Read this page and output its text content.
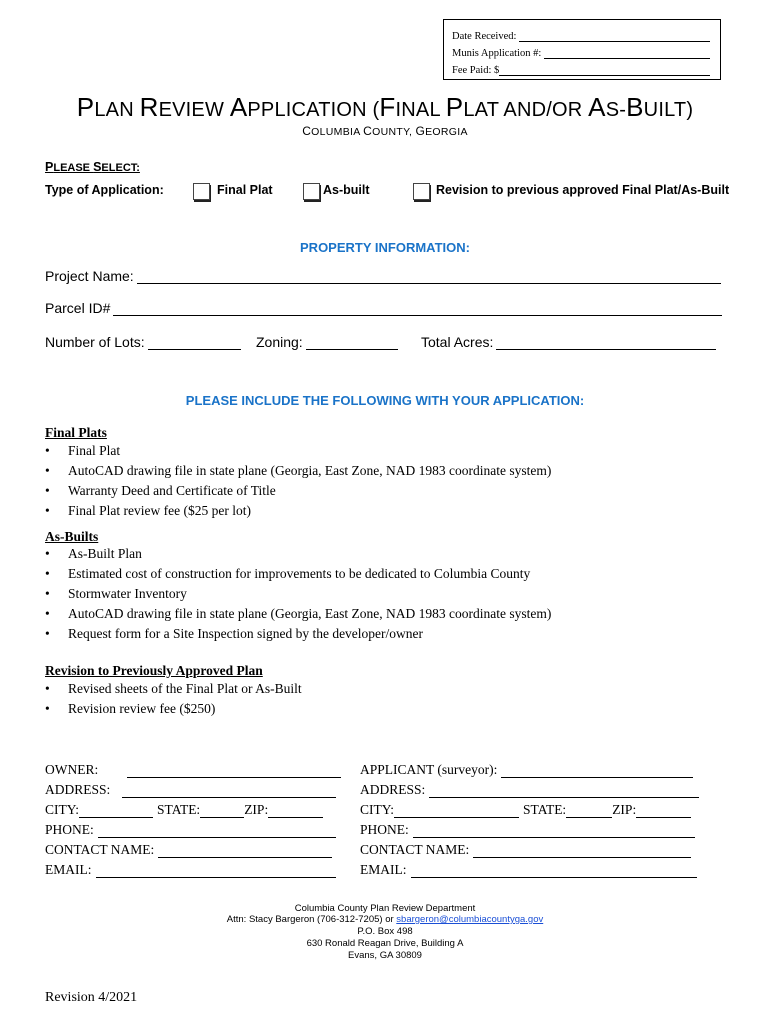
Date Received:
Munis Application #:
Fee Paid: $
PLAN REVIEW APPLICATION (FINAL PLAT AND/OR AS-BUILT)
COLUMBIA COUNTY, GEORGIA
PLEASE SELECT:
Type of Application:	Final Plat	As-built	Revision to previous approved Final Plat/As-Built
PROPERTY INFORMATION:
Project Name:
Parcel ID#
Number of Lots:	Zoning:	Total Acres:
PLEASE INCLUDE THE FOLLOWING WITH YOUR APPLICATION:
Final Plats
• Final Plat
• AutoCAD drawing file in state plane (Georgia, East Zone, NAD 1983 coordinate system)
• Warranty Deed and Certificate of Title
• Final Plat review fee ($25 per lot)
As-Builts
• As-Built Plan
• Estimated cost of construction for improvements to be dedicated to Columbia County
• Stormwater Inventory
• AutoCAD drawing file in state plane (Georgia, East Zone, NAD 1983 coordinate system)
• Request form for a Site Inspection signed by the developer/owner
Revision to Previously Approved Plan
• Revised sheets of the Final Plat or As-Built
• Revision review fee ($250)
OWNER:
ADDRESS:
CITY:	STATE:	ZIP:
PHONE:
CONTACT NAME:
EMAIL:
APPLICANT (surveyor):
ADDRESS:
CITY:	STATE:	ZIP:
PHONE:
CONTACT NAME:
EMAIL:
Columbia County Plan Review Department
Attn: Stacy Bargeron (706-312-7205) or sbargeron@columbiacountyga.gov
P.O. Box 498
630 Ronald Reagan Drive, Building A
Evans, GA 30809
Revision 4/2021
